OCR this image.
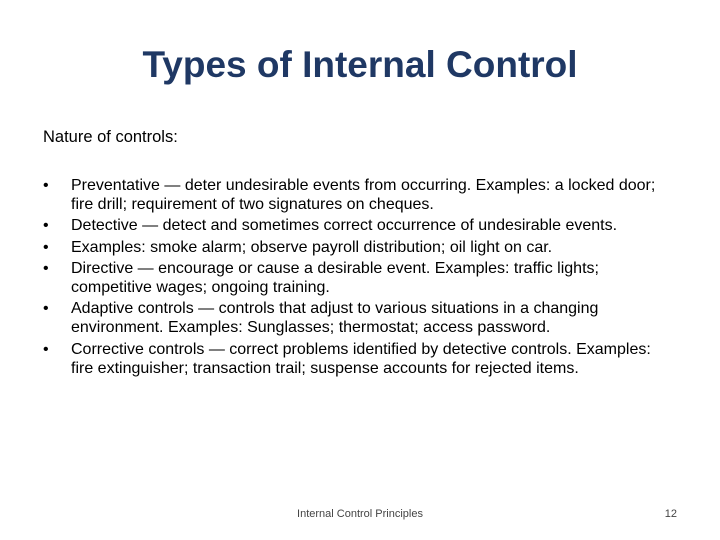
Types of Internal Control

Nature of controls:

•	Preventative — deter undesirable events from occurring. Examples: a locked door; fire drill; requirement of two signatures on cheques.
•	Detective — detect and sometimes correct occurrence of undesirable events.
•	Examples: smoke alarm; observe payroll distribution; oil light on car.
•	Directive — encourage or cause a desirable event. Examples: traffic lights; competitive wages; ongoing training.
•	Adaptive controls — controls that adjust to various situations in a changing environment. Examples: Sunglasses; thermostat; access password.
•	Corrective controls — correct problems identified by detective controls. Examples: fire extinguisher; transaction trail; suspense accounts for rejected items.
Internal Control Principles	12
